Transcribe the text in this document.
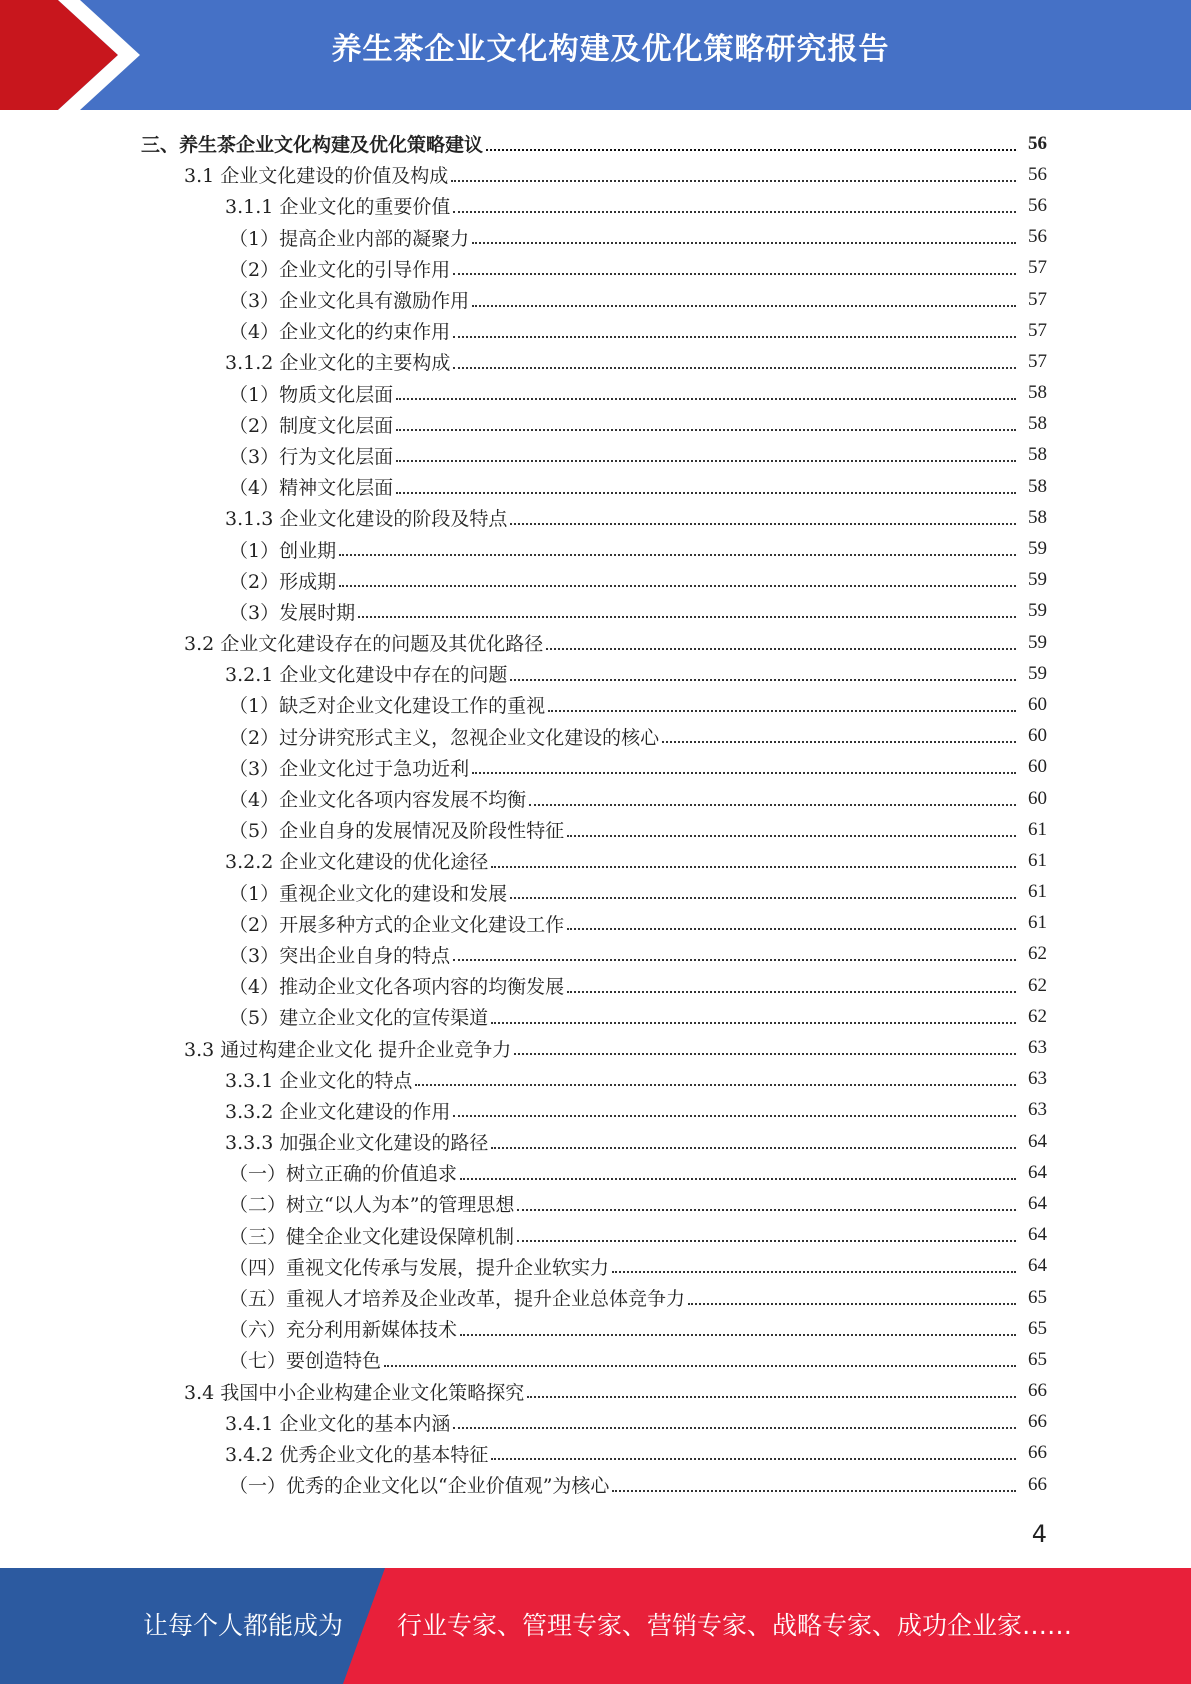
养生茶企业文化构建及优化策略研究报告
三、养生茶企业文化构建及优化策略建议	56
3.1 企业文化建设的价值及构成	56
3.1.1 企业文化的重要价值	56
（1）提高企业内部的凝聚力	56
（2）企业文化的引导作用	57
（3）企业文化具有激励作用	57
（4）企业文化的约束作用	57
3.1.2 企业文化的主要构成	57
（1）物质文化层面	58
（2）制度文化层面	58
（3）行为文化层面	58
（4）精神文化层面	58
3.1.3 企业文化建设的阶段及特点	58
（1）创业期	59
（2）形成期	59
（3）发展时期	59
3.2 企业文化建设存在的问题及其优化路径	59
3.2.1 企业文化建设中存在的问题	59
（1）缺乏对企业文化建设工作的重视	60
（2）过分讲究形式主义，忽视企业文化建设的核心	60
（3）企业文化过于急功近利	60
（4）企业文化各项内容发展不均衡	60
（5）企业自身的发展情况及阶段性特征	61
3.2.2 企业文化建设的优化途径	61
（1）重视企业文化的建设和发展	61
（2）开展多种方式的企业文化建设工作	61
（3）突出企业自身的特点	62
（4）推动企业文化各项内容的均衡发展	62
（5）建立企业文化的宣传渠道	62
3.3 通过构建企业文化 提升企业竞争力	63
3.3.1 企业文化的特点	63
3.3.2 企业文化建设的作用	63
3.3.3 加强企业文化建设的路径	64
（一）树立正确的价值追求	64
（二）树立“以人为本”的管理思想	64
（三）健全企业文化建设保障机制	64
（四）重视文化传承与发展，提升企业软实力	64
（五）重视人才培养及企业改革，提升企业总体竞争力	65
（六）充分利用新媒体技术	65
（七）要创造特色	65
3.4 我国中小企业构建企业文化策略探究	66
3.4.1 企业文化的基本内涵	66
3.4.2 优秀企业文化的基本特征	66
（一）优秀的企业文化以“企业价值观”为核心	66
4
让每个人都能成为 行业专家、管理专家、营销专家、战略专家、成功企业家……
